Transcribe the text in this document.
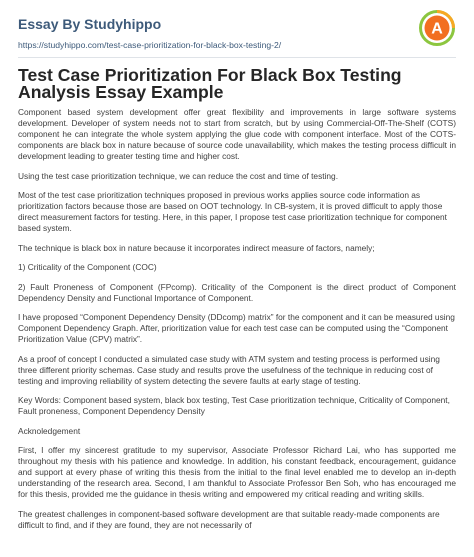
Essay By Studyhippo
https://studyhippo.com/test-case-prioritization-for-black-box-testing-2/
A
Test Case Prioritization For Black Box Testing Analysis Essay Example

Component based system development offer great flexibility and improvements in large software systems development. Developer of system needs not to start from scratch, but by using Commercial-Off-The-Shelf (COTS) component he can integrate the whole system applying the glue code with component interface. Most of the COTS-components are black box in nature because of source code unavailability, which makes the testing process difficult in development leading to greater testing time and higher cost.

Using the test case prioritization technique, we can reduce the cost and time of testing.

Most of the test case prioritization techniques proposed in previous works applies source code information as prioritization factors because those are based on OOT technology. In CB-system, it is proved difficult to apply those direct measurement factors for testing. Here, in this paper, I propose test case prioritization technique for component based system.

The technique is black box in nature because it incorporates indirect measure of factors, namely;

1) Criticality of the Component (COC)

2) Fault Proneness of Component (FPcomp). Criticality of the Component is the direct product of Component Dependency Density and Functional Importance of Component.

I have proposed “Component Dependency Density (DDcomp) matrix” for the component and it can be measured using Component Dependency Graph. After, prioritization value for each test case can be computed using the “Component Prioritization Value (CPV) matrix”.

As a proof of concept I conducted a simulated case study with ATM system and testing process is performed using three different priority schemas. Case study and results prove the usefulness of the technique in reducing cost of testing and improving reliability of system detecting the severe faults at early stage of testing.

Key Words: Component based system, black box testing, Test Case prioritization technique, Criticality of Component, Fault proneness, Component Dependency Density

Acknoledgement

First, I offer my sincerest gratitude to my supervisor, Associate Professor Richard Lai, who has supported me throughout my thesis with his patience and knowledge. In addition, his constant feedback, encouragement, guidance and support at every phase of writing this thesis from the initial to the final level enabled me to develop an in-depth understanding of the research area. Second, I am thankful to Associate Professor Ben Soh, who has encouraged me for this thesis, provided me the guidance in thesis writing and empowered my critical reading and writing skills.

The greatest challenges in component-based software development are that suitable ready-made components are difficult to find, and if they are found, they are not necessarily of
